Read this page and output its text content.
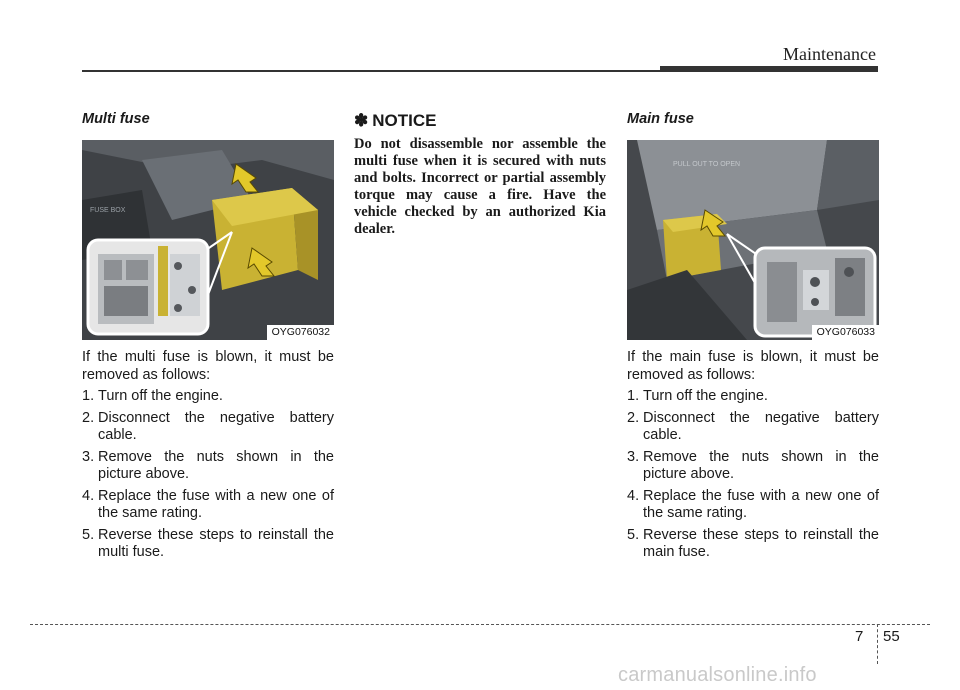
Maintenance
Multi fuse
FUSE BOX
OYG076032

If the multi fuse is blown, it must be removed as follows:

1. Turn off the engine.
2. Disconnect the negative battery cable.
3. Remove the nuts shown in the picture above.
4. Replace the fuse with a new one of the same rating.
5. Reverse these steps to reinstall the multi fuse.
✽ NOTICE

Do not disassemble nor assemble the multi fuse when it is secured with nuts and bolts. Incorrect or partial assembly torque may cause a fire. Have the vehicle checked by an authorized Kia dealer.

Main fuse
PULL OUT TO OPEN
OYG076033

If the main fuse is blown, it must be removed as follows:

1. Turn off the engine.
2. Disconnect the negative battery cable.
3. Remove the nuts shown in the picture above.
4. Replace the fuse with a new one of the same rating.
5. Reverse these steps to reinstall the main fuse.
7 55
carmanualsonline.info
